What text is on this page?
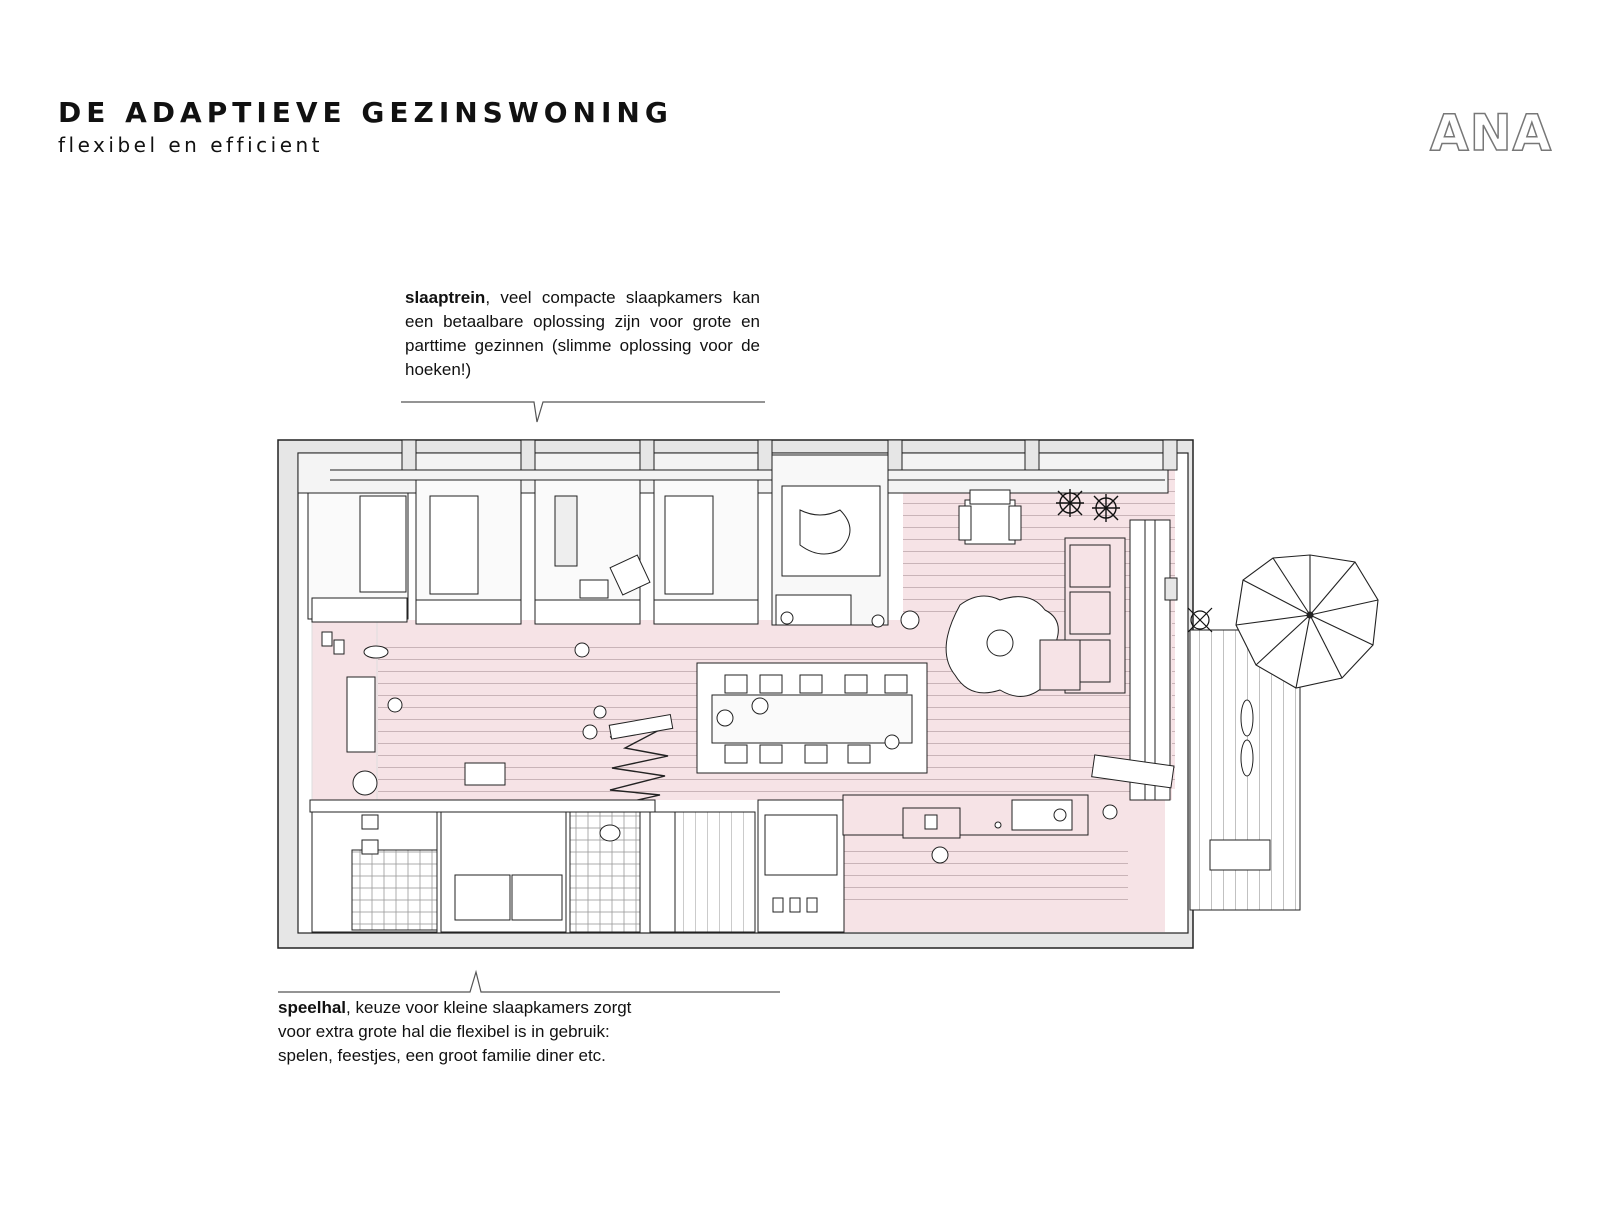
DE ADAPTIEVE GEZINSWONING

flexibel en efficient	ANA

slaaptrein, veel compacte slaapkamers kan een betaalbare oplossing zijn voor grote en parttime gezinnen (slimme oplossing voor de hoeken!)

speelhal, keuze voor kleine slaapkamers zorgt voor extra grote hal die flexibel is in gebruik: spelen, feestjes, een groot familie diner etc.
